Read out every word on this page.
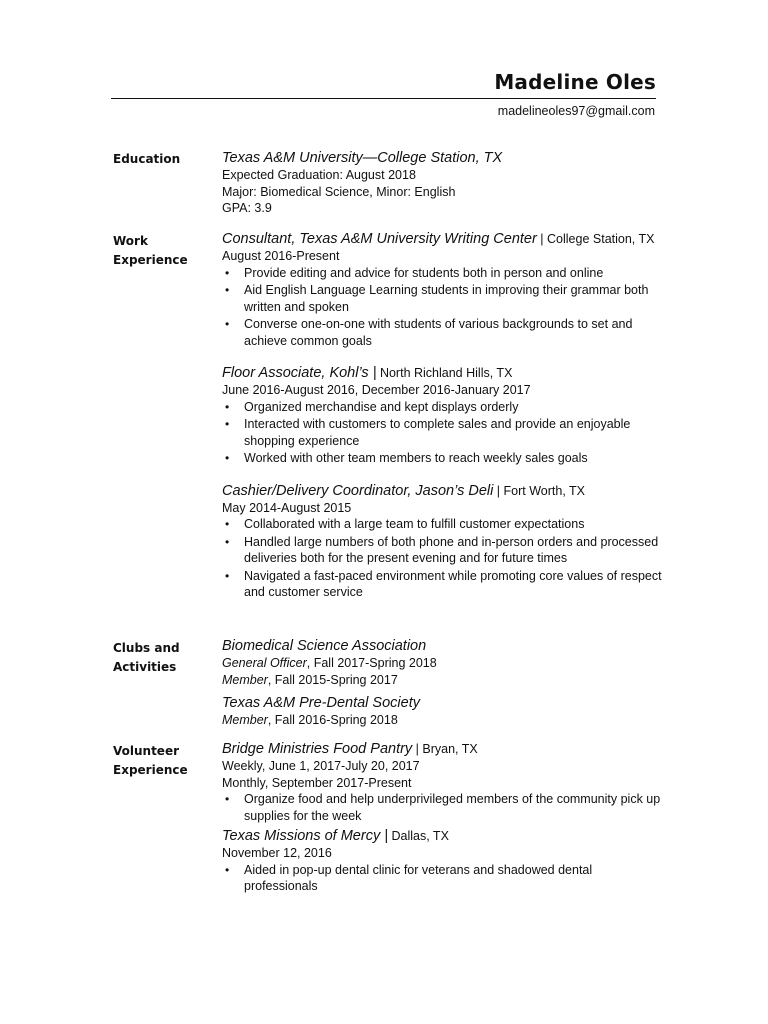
Madeline Oles
madelineoles97@gmail.com
Education	Texas A&M University—College Station, TX
Expected Graduation: August 2018
Major: Biomedical Science, Minor: English
GPA: 3.9
Work
Experience
Consultant, Texas A&M University Writing Center | College Station, TX
August 2016-Present
• Provide editing and advice for students both in person and online
• Aid English Language Learning students in improving their grammar both written and spoken
• Converse one-on-one with students of various backgrounds to set and achieve common goals
Floor Associate, Kohl’s | North Richland Hills, TX
June 2016-August 2016, December 2016-January 2017
• Organized merchandise and kept displays orderly
• Interacted with customers to complete sales and provide an enjoyable shopping experience
• Worked with other team members to reach weekly sales goals
Cashier/Delivery Coordinator, Jason’s Deli | Fort Worth, TX
May 2014-August 2015
• Collaborated with a large team to fulfill customer expectations
• Handled large numbers of both phone and in-person orders and processed deliveries both for the present evening and for future times
• Navigated a fast-paced environment while promoting core values of respect and customer service
Clubs and
Activities
Biomedical Science Association
General Officer, Fall 2017-Spring 2018
Member, Fall 2015-Spring 2017
Texas A&M Pre-Dental Society
Member, Fall 2016-Spring 2018
Volunteer
Experience
Bridge Ministries Food Pantry | Bryan, TX
Weekly, June 1, 2017-July 20, 2017
Monthly, September 2017-Present
• Organize food and help underprivileged members of the community pick up supplies for the week
Texas Missions of Mercy | Dallas, TX
November 12, 2016
• Aided in pop-up dental clinic for veterans and shadowed dental professionals
